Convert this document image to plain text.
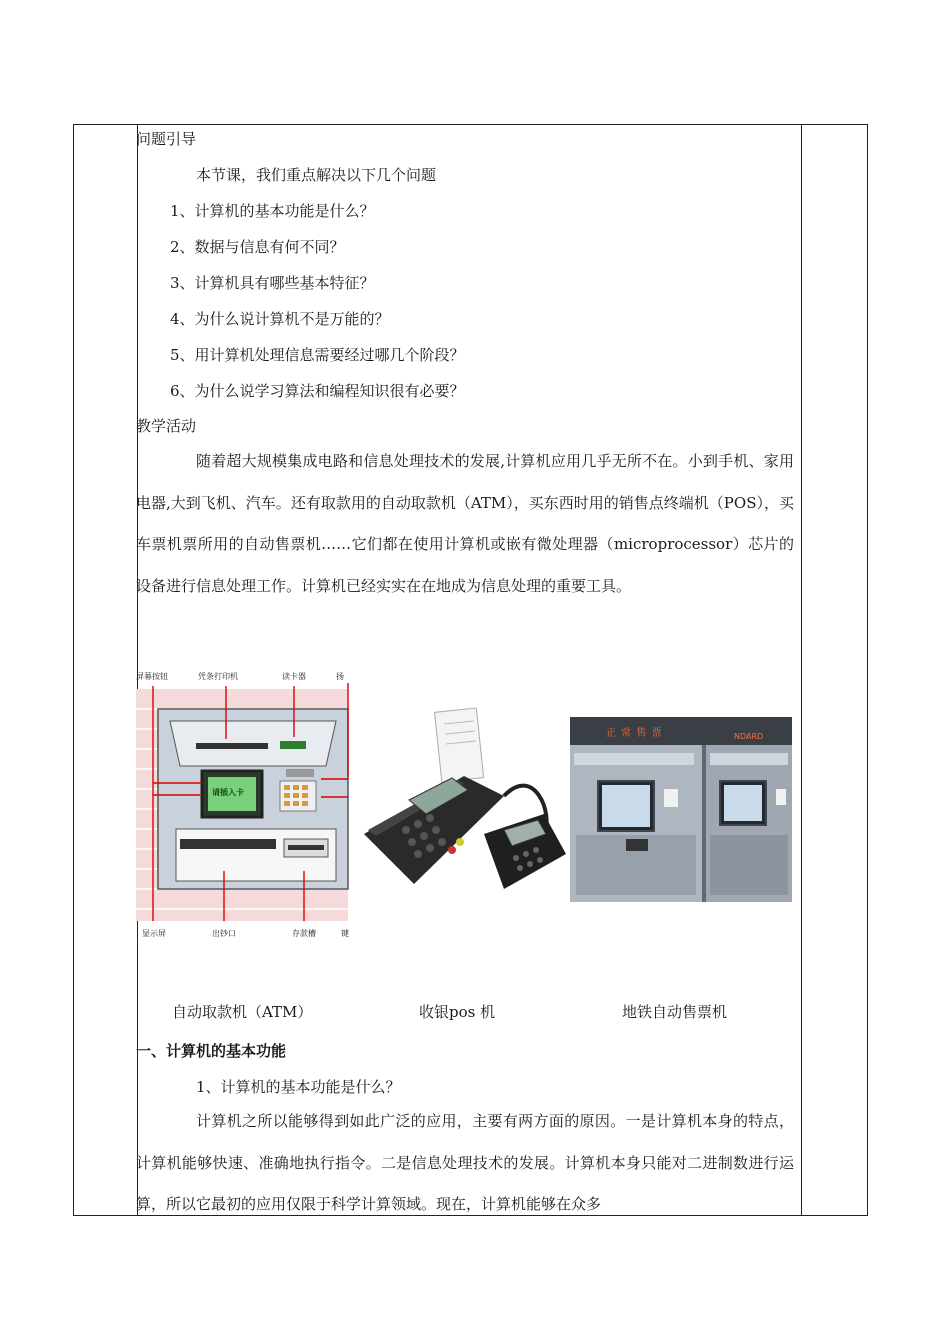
问题引导
本节课，我们重点解决以下几个问题
1、计算机的基本功能是什么？
2、数据与信息有何不同？
3、计算机具有哪些基本特征？
4、为什么说计算机不是万能的？
5、用计算机处理信息需要经过哪几个阶段？
6、为什么说学习算法和编程知识很有必要？
教学活动

随着超大规模集成电路和信息处理技术的发展,计算机应用几乎无所不在。小到手机、家用电器,大到飞机、汽车。还有取款用的自动取款机（ATM），买东西时用的销售点终端机（POS），买车票机票所用的自动售票机……它们都在使用计算机或嵌有微处理器（microprocessor）芯片的设备进行信息处理工作。计算机已经实实在在地成为信息处理的重要工具。

屏幕按钮	凭条打印机	读卡器	扬
请插入卡
显示屏	出钞口	存款槽	键
正 常 售 票	NDARD
自动取款机（ATM）	收银pos 机	地铁自动售票机
一、计算机的基本功能
1、计算机的基本功能是什么？

计算机之所以能够得到如此广泛的应用，主要有两方面的原因。一是计算机本身的特点，计算机能够快速、准确地执行指令。二是信息处理技术的发展。计算机本身只能对二进制数进行运算，所以它最初的应用仅限于科学计算领域。现在，计算机能够在众多
